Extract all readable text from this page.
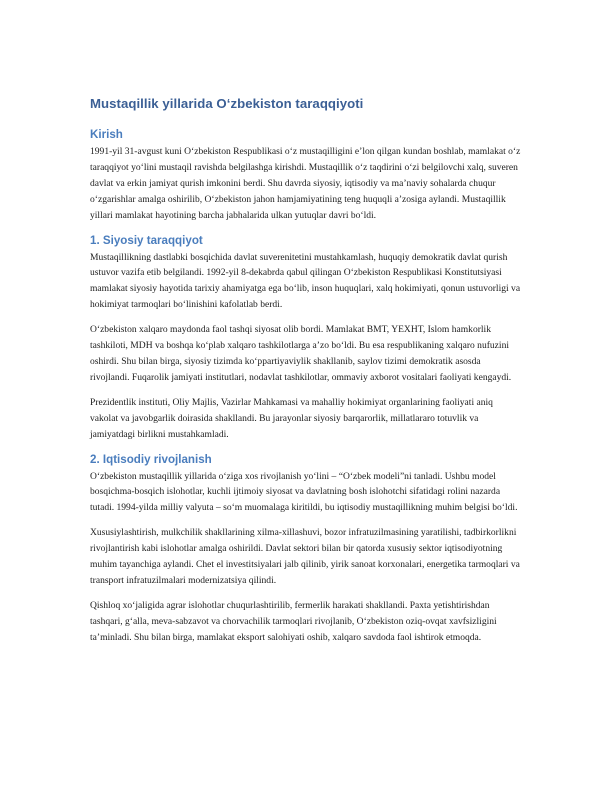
Mustaqillik yillarida O‘zbekiston taraqqiyoti
Kirish

1991-yil 31-avgust kuni O‘zbekiston Respublikasi o‘z mustaqilligini e’lon qilgan kundan boshlab, mamlakat o‘z taraqqiyot yo‘lini mustaqil ravishda belgilashga kirishdi. Mustaqillik o‘z taqdirini o‘zi belgilovchi xalq, suveren davlat va erkin jamiyat qurish imkonini berdi. Shu davrda siyosiy, iqtisodiy va ma’naviy sohalarda chuqur o‘zgarishlar amalga oshirilib, O‘zbekiston jahon hamjamiyatining teng huquqli a’zosiga aylandi. Mustaqillik yillari mamlakat hayotining barcha jabhalarida ulkan yutuqlar davri bo‘ldi.

1. Siyosiy taraqqiyot

Mustaqillikning dastlabki bosqichida davlat suverenitetini mustahkamlash, huquqiy demokratik davlat qurish ustuvor vazifa etib belgilandi. 1992-yil 8-dekabrda qabul qilingan O‘zbekiston Respublikasi Konstitutsiyasi mamlakat siyosiy hayotida tarixiy ahamiyatga ega bo‘lib, inson huquqlari, xalq hokimiyati, qonun ustuvorligi va hokimiyat tarmoqlari bo‘linishini kafolatlab berdi.

O‘zbekiston xalqaro maydonda faol tashqi siyosat olib bordi. Mamlakat BMT, YEXHT, Islom hamkorlik tashkiloti, MDH va boshqa ko‘plab xalqaro tashkilotlarga a’zo bo‘ldi. Bu esa respublikaning xalqaro nufuzini oshirdi. Shu bilan birga, siyosiy tizimda ko‘ppartiyaviylik shakllanib, saylov tizimi demokratik asosda rivojlandi. Fuqarolik jamiyati institutlari, nodavlat tashkilotlar, ommaviy axborot vositalari faoliyati kengaydi.

Prezidentlik instituti, Oliy Majlis, Vazirlar Mahkamasi va mahalliy hokimiyat organlarining faoliyati aniq vakolat va javobgarlik doirasida shakllandi. Bu jarayonlar siyosiy barqarorlik, millatlararo totuvlik va jamiyatdagi birlikni mustahkamladi.

2. Iqtisodiy rivojlanish

O‘zbekiston mustaqillik yillarida o‘ziga xos rivojlanish yo‘lini – “O‘zbek modeli”ni tanladi. Ushbu model bosqichma-bosqich islohotlar, kuchli ijtimoiy siyosat va davlatning bosh islohotchi sifatidagi rolini nazarda tutadi. 1994-yilda milliy valyuta – so‘m muomalaga kiritildi, bu iqtisodiy mustaqillikning muhim belgisi bo‘ldi.

Xususiylashtirish, mulkchilik shakllarining xilma-xillashuvi, bozor infratuzilmasining yaratilishi, tadbirkorlikni rivojlantirish kabi islohotlar amalga oshirildi. Davlat sektori bilan bir qatorda xususiy sektor iqtisodiyotning muhim tayanchiga aylandi. Chet el investitsiyalari jalb qilinib, yirik sanoat korxonalari, energetika tarmoqlari va transport infratuzilmalari modernizatsiya qilindi.

Qishloq xo‘jaligida agrar islohotlar chuqurlashtirilib, fermerlik harakati shakllandi. Paxta yetishtirishdan tashqari, g‘alla, meva-sabzavot va chorvachilik tarmoqlari rivojlanib, O‘zbekiston oziq-ovqat xavfsizligini ta’minladi. Shu bilan birga, mamlakat eksport salohiyati oshib, xalqaro savdoda faol ishtirok etmoqda.
